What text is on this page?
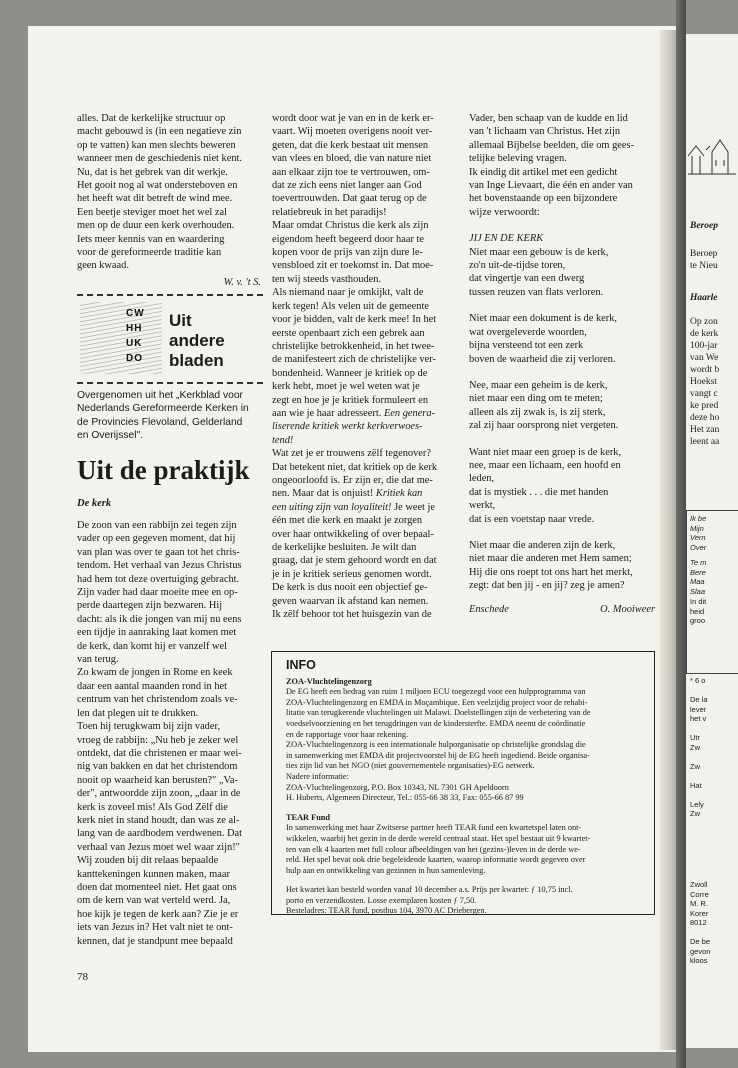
Beroep
Beroep
te Nieu
Haarle
Op zon
de kerk
100-jar
van We
wordt b
Hoekst
vangt c
ke pred
deze ho
Het zan
leent aa
Ik be
Mijn
Vern
Over
Te m
Bere
Maa
Slaa
In dit
heid
groo
* 6 o

De la
lever
het v

Utr
Zw

Zw

Hat

Lely
Zw
Zwoll
Corre
M. R.
Korer
8012

De be
gevon
kloos

alles. Dat de kerkelijke structuur op

macht gebouwd is (in een negatieve zin

op te vatten) kan men slechts beweren

wanneer men de geschiedenis niet kent.

Nu, dat is het gebrek van dit werkje.

Het gooit nog al wat ondersteboven en

het heeft wat dit betreft de wind mee.

Een beetje steviger moet het wel zal

men op de duur een kerk overhouden.

Iets meer kennis van en waardering

voor de gereformeerde traditie kan

geen kwaad.

W. v. 't S.

CW
HH
UK
DO
Uit
andere
bladen
Overgenomen uit het „Kerkblad voor
Nederlands Gereformeerde Kerken in
de Provincies Flevoland, Gelderland
en Overijssel".
Uit de praktijk
De kerk

De zoon van een rabbijn zei tegen zijn

vader op een gegeven moment, dat hij

van plan was over te gaan tot het chris-

tendom. Het verhaal van Jezus Christus

had hem tot deze overtuiging gebracht.

Zijn vader had daar moeite mee en op-

perde daartegen zijn bezwaren. Hij

dacht: als ik die jongen van mij nu eens

een tijdje in aanraking laat komen met

de kerk, dan komt hij er vanzelf wel

van terug.

Zo kwam de jongen in Rome en keek

daar een aantal maanden rond in het

centrum van het christendom zoals ve-

len dat plegen uit te drukken.

Toen hij terugkwam bij zijn vader,

vroeg de rabbijn: „Nu heb je zeker wel

ontdekt, dat die christenen er maar wei-

nig van bakken en dat het christendom

nooit op waarheid kan berusten?" „Va-

der", antwoordde zijn zoon, „daar in de

kerk is zoveel mis! Als God Zëlf die

kerk niet in stand houdt, dan was ze al-

lang van de aardbodem verdwenen. Dat

verhaal van Jezus moet wel waar zijn!"

Wij zouden bij dit relaas bepaalde

kanttekeningen kunnen maken, maar

doen dat momenteel niet. Het gaat ons

om de kern van wat verteld werd. Ja,

hoe kijk je tegen de kerk aan? Zie je er

iets van Jezus in? Het valt niet te ont-

kennen, dat je standpunt mee bepaald

wordt door wat je van en in de kerk er-

vaart. Wij moeten overigens nooit ver-

geten, dat die kerk bestaat uit mensen

van vlees en bloed, die van nature niet

aan elkaar zijn toe te vertrouwen, om-

dat ze zich eens niet langer aan God

toevertrouwden. Dat gaat terug op de

relatiebreuk in het paradijs!

Maar omdat Christus die kerk als zijn

eigendom heeft begeerd door haar te

kopen voor de prijs van zijn dure le-

vensbloed zit er toekomst in. Dat moe-

ten wij steeds vasthouden.

Als niemand naar je omkijkt, valt de

kerk tegen! Als velen uit de gemeente

voor je bidden, valt de kerk mee! In het

eerste openbaart zich een gebrek aan

christelijke betrokkenheid, in het twee-

de manifesteert zich de christelijke ver-

bondenheid. Wanneer je kritiek op de

kerk hebt, moet je wel weten wat je

zegt en hoe je je kritiek formuleert en

aan wie je haar adresseert. Een genera-

liserende kritiek werkt kerkverwoes-

tend!

Wat zet je er trouwens zëlf tegenover?

Dat betekent niet, dat kritiek op de kerk

ongeoorloofd is. Er zijn er, die dat me-

nen. Maar dat is onjuist! Kritiek kan

een uiting zijn van loyaliteit! Je weet je

één met die kerk en maakt je zorgen

over haar ontwikkeling of over bepaal-

de kerkelijke besluiten. Je wilt dan

graag, dat je stem gehoord wordt en dat

je in je kritiek serieus genomen wordt.

De kerk is dus nooit een objectief ge-

geven waarvan ik afstand kan nemen.

Ik zëlf behoor tot het huisgezin van de

Vader, ben schaap van de kudde en lid

van 't lichaam van Christus. Het zijn

allemaal Bijbelse beelden, die om gees-

telijke beleving vragen.

Ik eindig dit artikel met een gedicht

van Inge Lievaart, die één en ander van

het bovenstaande op een bijzondere

wijze verwoordt:

JIJ EN DE KERK

Niet maar een gebouw is de kerk,

zo'n uit-de-tijdse toren,

dat vingertje van een dwerg

tussen reuzen van flats verloren.

Niet maar een dokument is de kerk,

wat overgeleverde woorden,

bijna versteend tot een zerk

boven de waarheid die zij verloren.

Nee, maar een geheim is de kerk,

niet maar een ding om te meten;

alleen als zij zwak is, is zij sterk,

zal zij haar oorsprong niet vergeten.

Want niet maar een groep is de kerk,

nee, maar een lichaam, een hoofd en

leden,

dat is mystiek . . . die met handen

werkt,

dat is een voetstap naar vrede.

Niet maar die anderen zijn de kerk,

niet maar die anderen met Hem samen;

Hij die ons roept tot ons hart het merkt,

zegt: dat ben jij - en jij? zeg je amen?

Enschede	O. Mooiweer

INFO

ZOA-Vluchtelingenzorg

De EG heeft een bedrag van ruim 1 miljoen ECU toegezegd voor een hulpprogramma van

ZOA-Vluchtelingenzorg en EMDA in Moçambique. Een veelzijdig project voor de rehabi-

litatie van terugkerende vluchtelingen uit Malawi. Doelstellingen zijn de verbetering van de

voedselvoorziening en het terugdringen van de kindersterfte. EMDA neemt de coördinatie

en de rapportage voor haar rekening.

ZOA-Vluchtelingenzorg is een internationale hulporganisatie op christelijke grondslag die

in samenwerking met EMDA dit projectvoorstel bij de EG heeft ingediend. Beide organisa-

ties zijn lid van het NGO (niet gouvernementele organisaties)-EG netwerk.

Nadere informatie:

ZOA-Vluchtelingenzorg, P.O. Box 10343, NL 7301 GH Apeldoorn

H. Huberts, Algemeen Directeur, Tel.: 055-66 38 33, Fax: 055-66 87 99

TEAR Fund

In samenwerking met haar Zwitserse partner heeft TEAR fund een kwartetspel laten ont-

wikkelen, waarbij het gezin in de derde wereld centraal staat. Het spel bestaat uit 9 kwartet-

ten van elk 4 kaarten met full colour afbeeldingen van het (gezins-)leven in de derde we-

reld. Het spel bevat ook drie begeleidende kaarten, waarop informatie wordt gegeven over

hulp aan en ontwikkeling van gezinnen in hun samenleving.

Het kwartet kan besteld worden vanaf 10 december a.s. Prijs per kwartet: ƒ 10,75 incl.

porto en verzendkosten. Losse exemplaren kosten ƒ 7,50.

Besteladres: TEAR fund, postbus 104, 3970 AC Driebergen.

78
